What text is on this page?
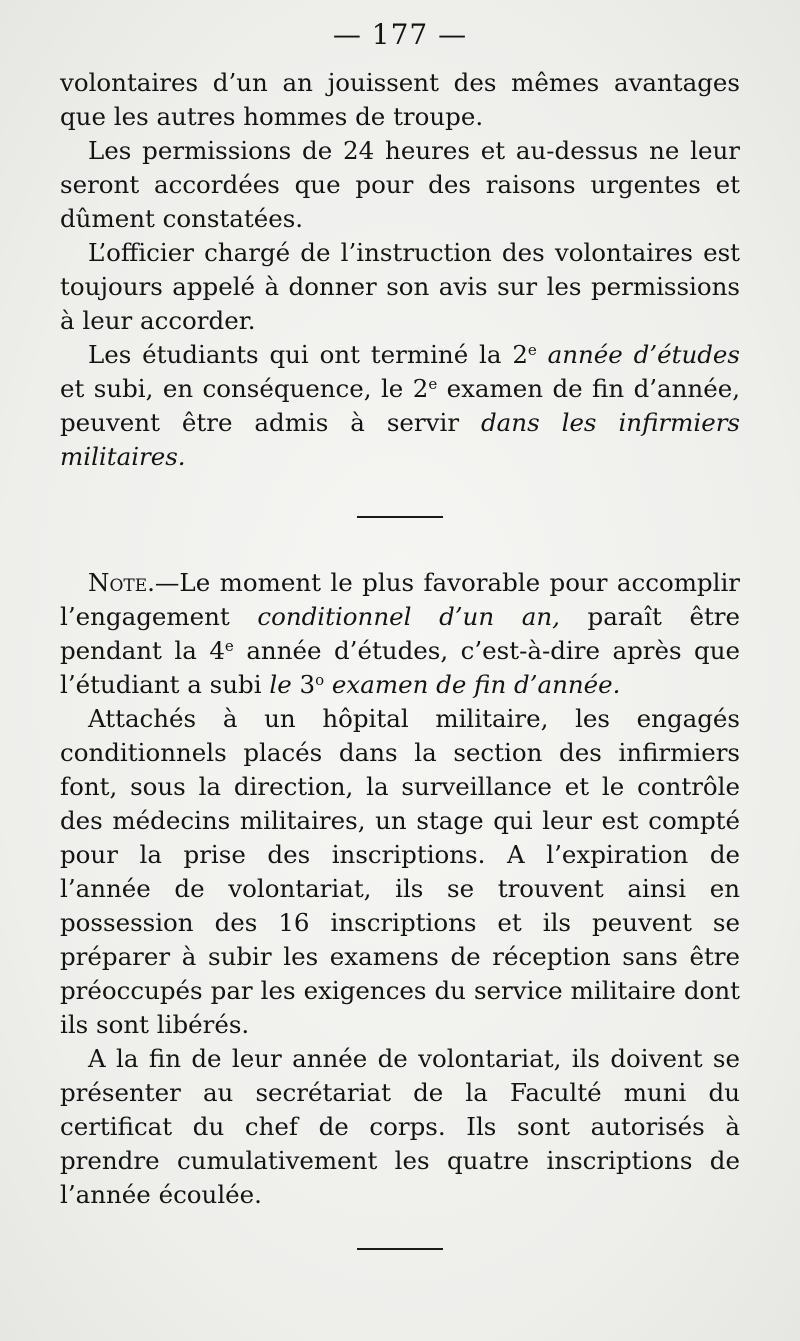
— 177 —

volontaires d’un an jouissent des mêmes avantages que les autres hommes de troupe.

Les permissions de 24 heures et au-dessus ne leur seront accordées que pour des raisons urgentes et dûment constatées.

L’officier chargé de l’instruction des volontaires est toujours appelé à donner son avis sur les permissions à leur accorder.

Les étudiants qui ont terminé la 2e année d’études et subi, en conséquence, le 2e examen de fin d’année, peuvent être admis à servir dans les infirmiers militaires.

Note.—Le moment le plus favorable pour accomplir l’engagement conditionnel d’un an, paraît être pendant la 4e année d’études, c’est-à-dire après que l’étudiant a subi le 3$^o$ examen de fin d’année.

Attachés à un hôpital militaire, les engagés conditionnels placés dans la section des infirmiers font, sous la direction, la surveillance et le contrôle des médecins militaires, un stage qui leur est compté pour la prise des inscriptions. A l’expiration de l’année de volontariat, ils se trouvent ainsi en possession des 16 inscriptions et ils peuvent se préparer à subir les examens de réception sans être préoccupés par les exigences du service militaire dont ils sont libérés.

A la fin de leur année de volontariat, ils doivent se présenter au secrétariat de la Faculté muni du certificat du chef de corps. Ils sont autorisés à prendre cumulativement les quatre inscriptions de l’année écoulée.
